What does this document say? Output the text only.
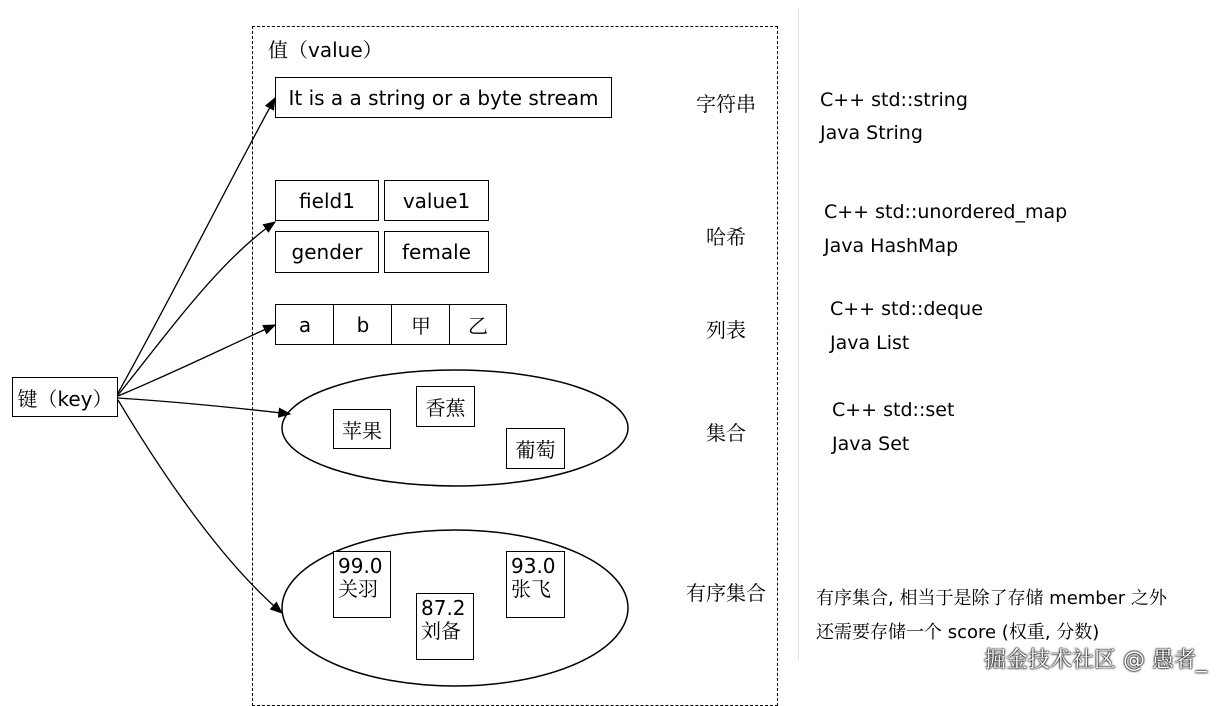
值（value）
键（key）
It is a a string or a byte stream
field1 value1
gender female
a b 甲 乙
苹果
香蕉
葡萄
99.0
关羽
87.2
刘备
93.0
张飞
字符串
哈希
列表
集合
有序集合
C++ std::string
Java String
C++ std::unordered_map
Java HashMap
C++ std::deque
Java List
C++ std::set
Java Set
有序集合, 相当于是除了存储 member 之外
还需要存储一个 score (权重, 分数)
掘金技术社区 @ 愚者_
